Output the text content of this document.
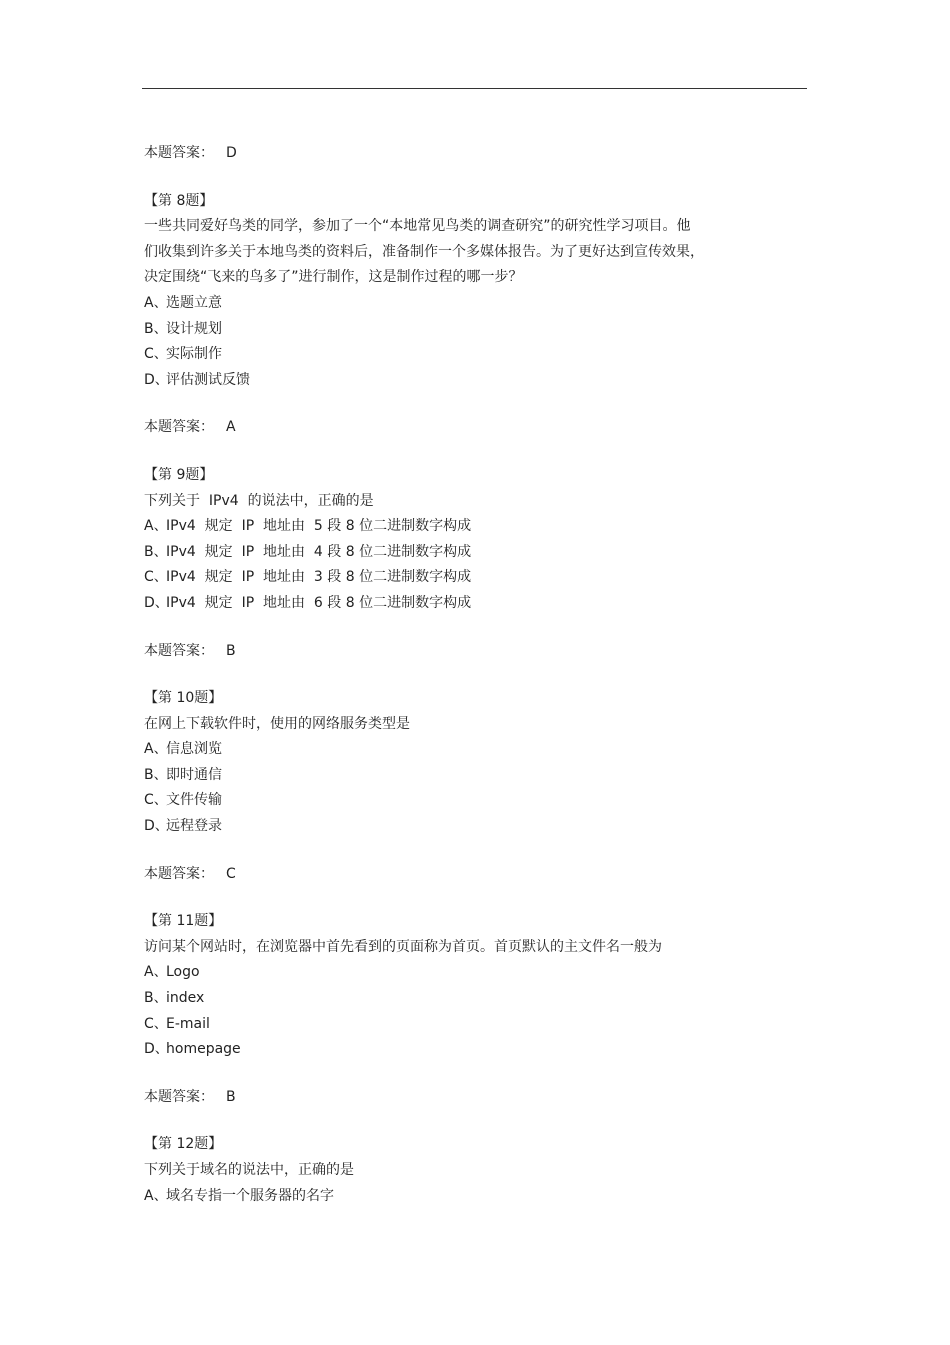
本题答案： D
【第 8题】
一些共同爱好鸟类的同学，参加了一个“本地常见鸟类的调查研究”的研究性学习项目。他
们收集到许多关于本地鸟类的资料后，准备制作一个多媒体报告。为了更好达到宣传效果，
决定围绕“飞来的鸟多了”进行制作，这是制作过程的哪一步？
A、选题立意
B、设计规划
C、实际制作
D、评估测试反馈
本题答案： A
【第 9题】
下列关于  IPv4  的说法中，正确的是
A、IPv4  规定  IP  地址由  5 段 8 位二进制数字构成
B、IPv4  规定  IP  地址由  4 段 8 位二进制数字构成
C、IPv4  规定  IP  地址由  3 段 8 位二进制数字构成
D、IPv4  规定  IP  地址由  6 段 8 位二进制数字构成
本题答案： B
【第 10题】
在网上下载软件时，使用的网络服务类型是
A、信息浏览
B、即时通信
C、文件传输
D、远程登录
本题答案： C
【第 11题】
访问某个网站时，在浏览器中首先看到的页面称为首页。首页默认的主文件名一般为
A、Logo
B、index
C、E-mail
D、homepage
本题答案： B
【第 12题】
下列关于域名的说法中，正确的是
A、域名专指一个服务器的名字
